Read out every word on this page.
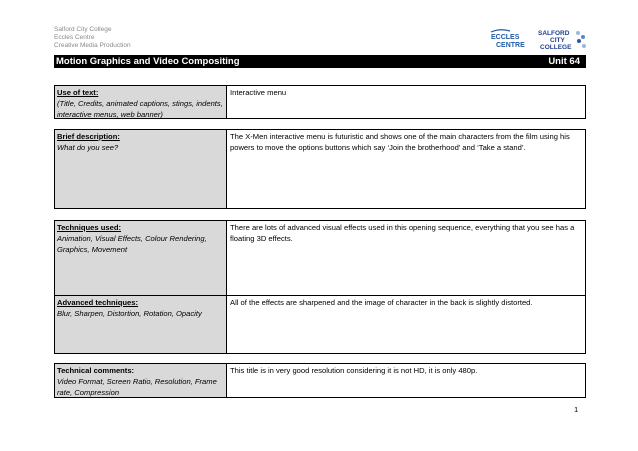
Salford City College
Eccles Centre
Creative Media Production
ECCLES
CENTRE
SALFORD
CITY
COLLEGE
Motion Graphics and Video Compositing	Unit 64
Use of text:
(Title, Credits, animated captions, stings, indents, interactive menus, web banner)
Interactive menu
Brief description:
What do you see?
The X-Men interactive menu is futuristic and shows one of the main characters from the film using his powers to move the options buttons which say ‘Join the brotherhood’ and ‘Take a stand’.
Techniques used:
Animation, Visual Effects, Colour Rendering, Graphics, Movement
There are lots of advanced visual effects used in this opening sequence, everything that you see has a floating 3D effects.
Advanced techniques:
Blur, Sharpen, Distortion, Rotation, Opacity
All of the effects are sharpened and the image of character in the back is slightly distorted.
Technical comments:
Video Format, Screen Ratio, Resolution, Frame rate, Compression
This title is in very good resolution considering it is not HD, it is only 480p.
1
